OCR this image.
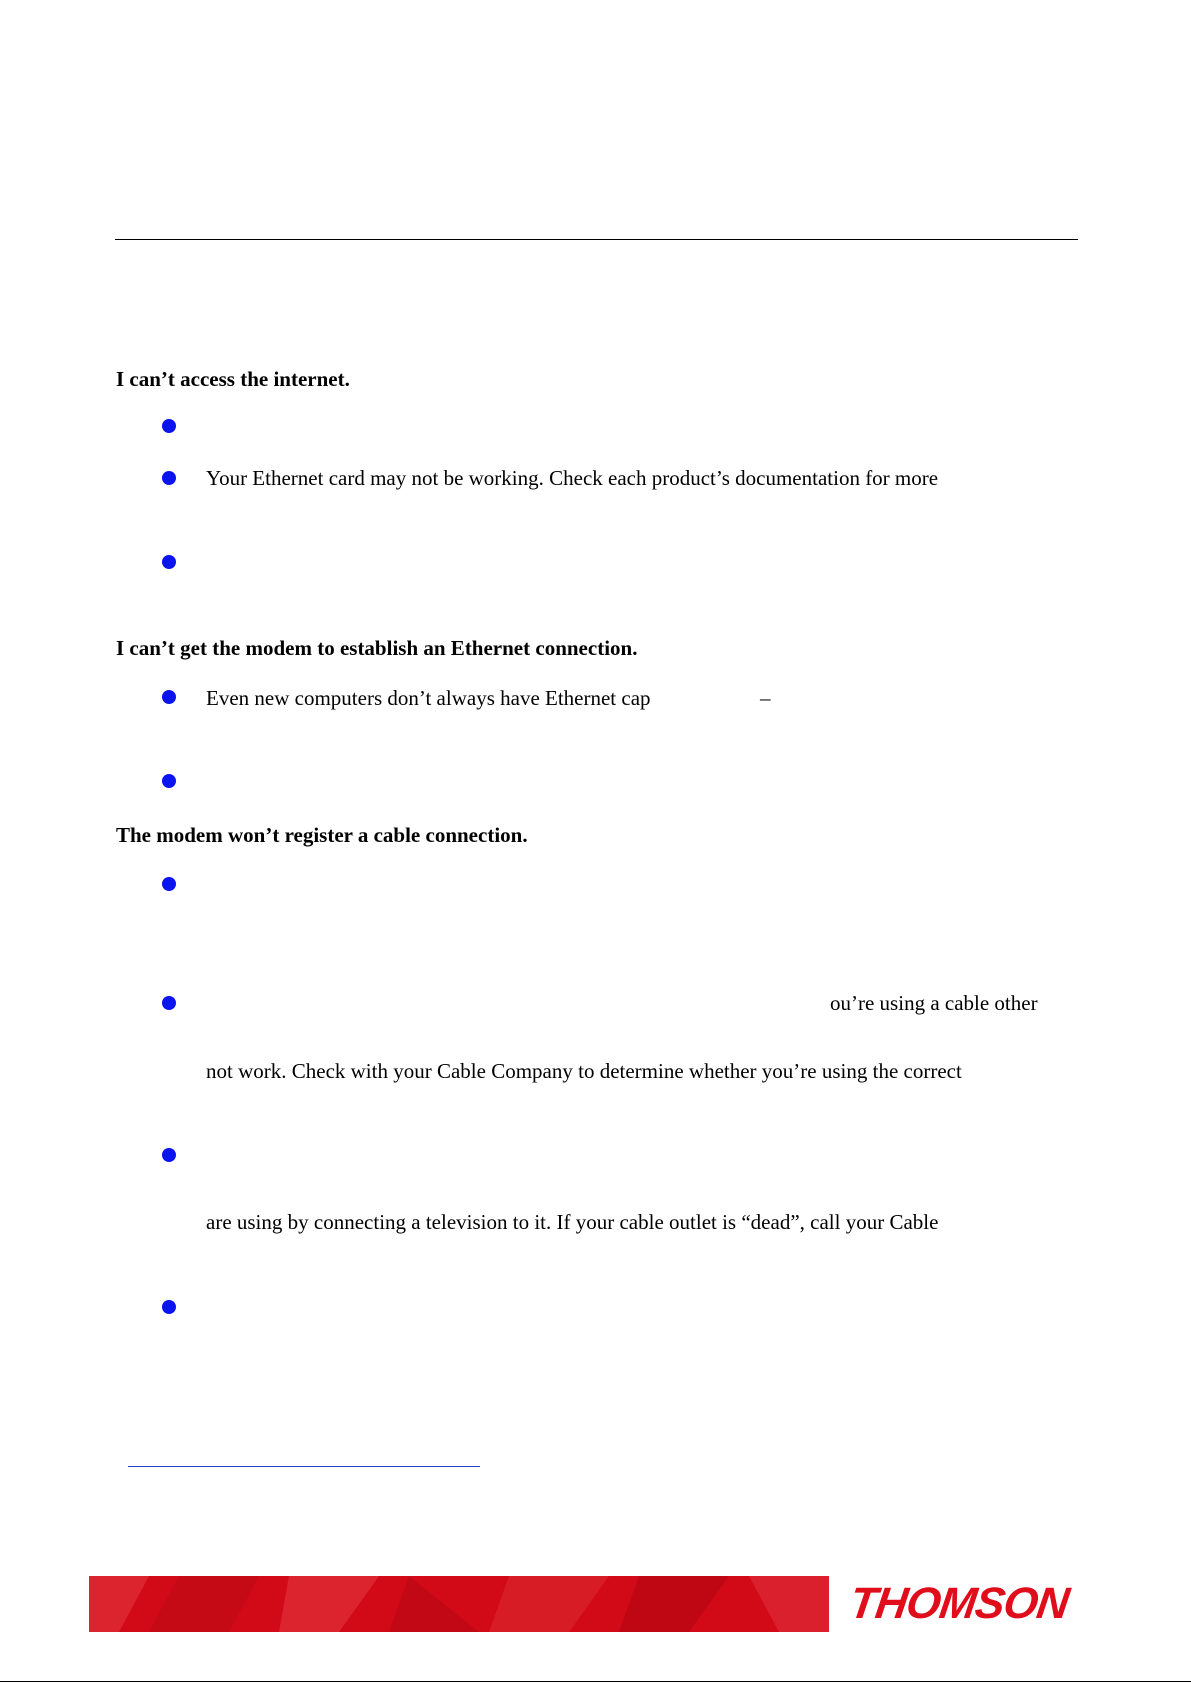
I can’t access the internet.
Your Ethernet card may not be working. Check each product’s documentation for more
I can’t get the modem to establish an Ethernet connection.
Even new computers don’t always have Ethernet cap	–
The modem won’t register a cable connection.
ou’re using a cable other
not work. Check with your Cable Company to determine whether you’re using the correct
are using by connecting a television to it. If your cable outlet is “dead”, call your Cable
THOMSON
